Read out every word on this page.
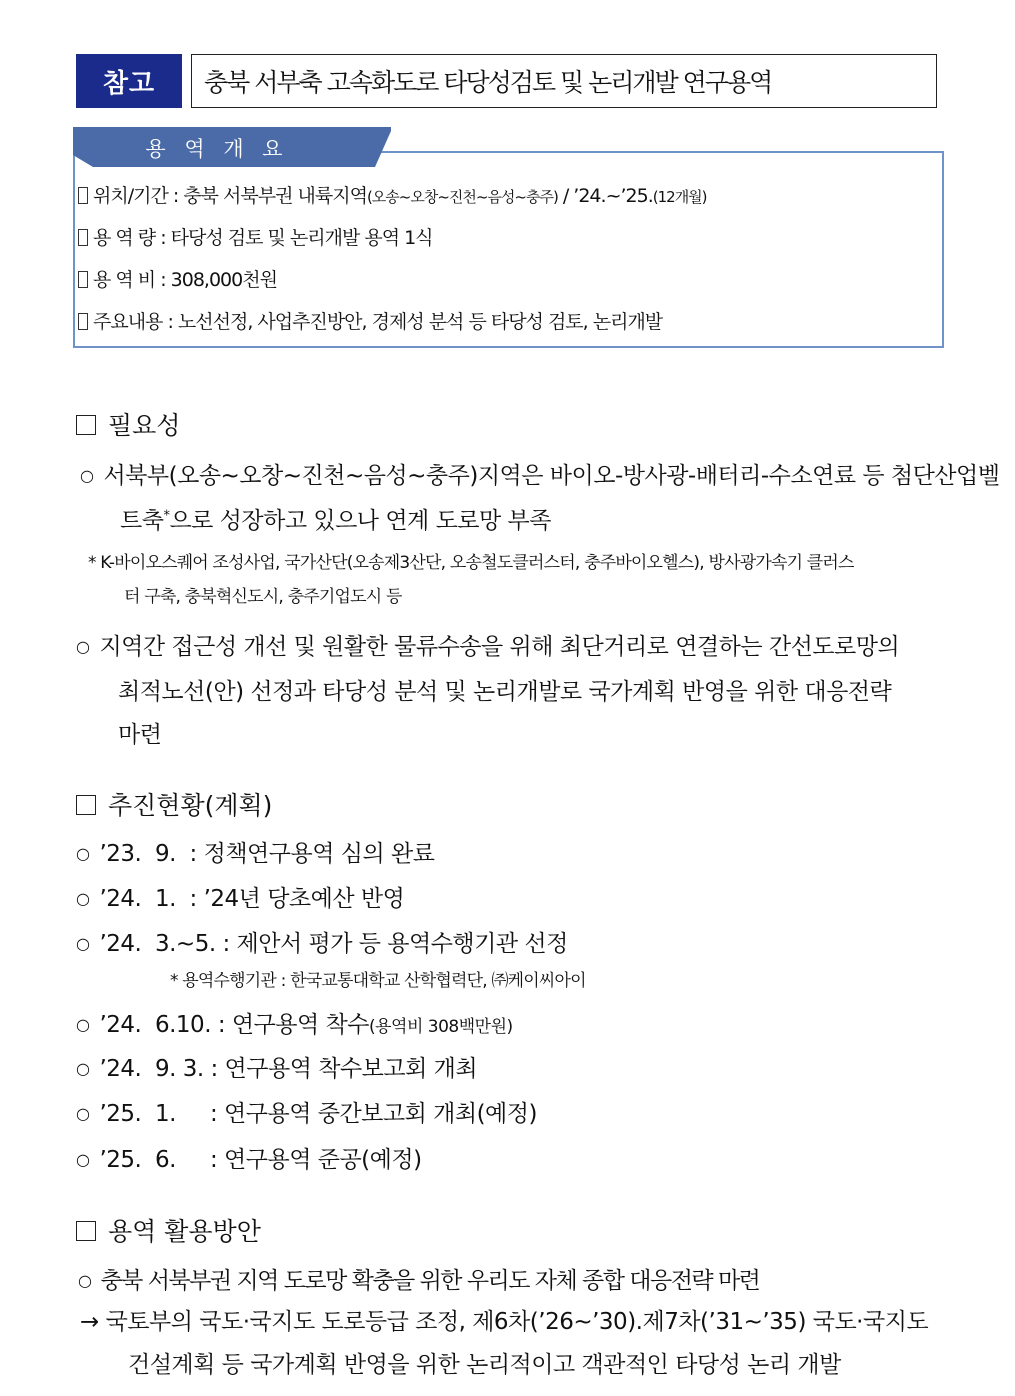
참고	충북 서부축 고속화도로 타당성검토 및 논리개발 연구용역
용 역 개 요
위치/기간 : 충북 서북부권 내륙지역(오송~오창~진천~음성~충주) / ’24.~’25.(12개월)
용 역 량 : 타당성 검토 및 논리개발 용역 1식
용 역 비 : 308,000천원
주요내용 : 노선선정, 사업추진방안, 경제성 분석 등 타당성 검토, 논리개발
필요성
○ 서북부(오송~오창~진천~음성~충주)지역은 바이오-방사광-배터리-수소연료 등 첨단산업벨
트축*으로 성장하고 있으나 연계 도로망 부족
* K-바이오스퀘어 조성사업, 국가산단(오송제3산단, 오송철도클러스터, 충주바이오헬스), 방사광가속기 클러스
터 구축, 충북혁신도시, 충주기업도시 등
○ 지역간 접근성 개선 및 원활한 물류수송을 위해 최단거리로 연결하는 간선도로망의
최적노선(안) 선정과 타당성 분석 및 논리개발로 국가계획 반영을 위한 대응전략
마련
추진현황(계획)
○ ’23.  9.  : 정책연구용역 심의 완료
○ ’24.  1.  : ’24년 당초예산 반영
○ ’24.  3.~5. : 제안서 평가 등 용역수행기관 선정
* 용역수행기관 : 한국교통대학교 산학협력단, ㈜케이씨아이
○ ’24.  6.10. : 연구용역 착수(용역비 308백만원)
○ ’24.  9. 3. : 연구용역 착수보고회 개최
○ ’25.  1.     : 연구용역 중간보고회 개최(예정)
○ ’25.  6.     : 연구용역 준공(예정)
용역 활용방안
○ 충북 서북부권 지역 도로망 확충을 위한 우리도 자체 종합 대응전략 마련
→ 국토부의 국도·국지도 도로등급 조정, 제6차(’26~’30).제7차(’31~’35) 국도·국지도
건설계획 등 국가계획 반영을 위한 논리적이고 객관적인 타당성 논리 개발
